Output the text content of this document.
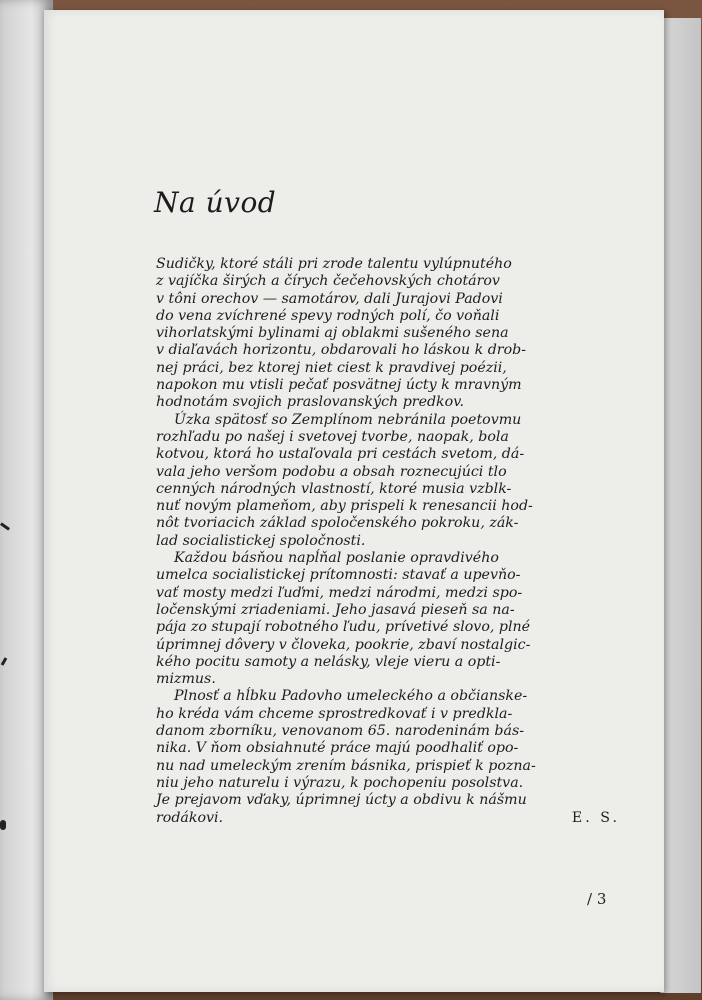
Na úvod
Sudičky, ktoré stáli pri zrode talentu vylúpnutého
z vajíčka širých a čírych čečehovských chotárov
v tôni orechov — samotárov, dali Jurajovi Padovi
do vena zvíchrené spevy rodných polí, čo voňali
vihorlatskými bylinami aj oblakmi sušeného sena
v diaľavách horizontu, obdarovali ho láskou k drob-
nej práci, bez ktorej niet ciest k pravdivej poézii,
napokon mu vtisli pečať posvätnej úcty k mravným
hodnotám svojich praslovanských predkov.
Úzka spätosť so Zemplínom nebránila poetovmu
rozhľadu po našej i svetovej tvorbe, naopak, bola
kotvou, ktorá ho ustaľovala pri cestách svetom, dá-
vala jeho veršom podobu a obsah roznecujúci tlo
cenných národných vlastností, ktoré musia vzblk-
nuť novým plameňom, aby prispeli k renesancii hod-
nôt tvoriacich základ spoločenského pokroku, zák-
lad socialistickej spoločnosti.
Každou básňou napĺňal poslanie opravdivého
umelca socialistickej prítomnosti: stavať a upevňo-
vať mosty medzi ľuďmi, medzi národmi, medzi spo-
ločenskými zriadeniami. Jeho jasavá pieseň sa na-
pája zo stupají robotného ľudu, prívetivé slovo, plné
úprimnej dôvery v človeka, pookrie, zbaví nostalgic-
kého pocitu samoty a nelásky, vleje vieru a opti-
mizmus.
Plnosť a hĺbku Padovho umeleckého a občianske-
ho kréda vám chceme sprostredkovať i v predkla-
danom zborníku, venovanom 65. narodeninám bás-
nika. V ňom obsiahnuté práce majú poodhaliť opo-
nu nad umeleckým zrením básnika, prispieť k pozna-
niu jeho naturelu i výrazu, k pochopeniu posolstva.
Je prejavom vďaky, úprimnej úcty a obdivu k nášmu
rodákovi.	E. S.
/ 3
